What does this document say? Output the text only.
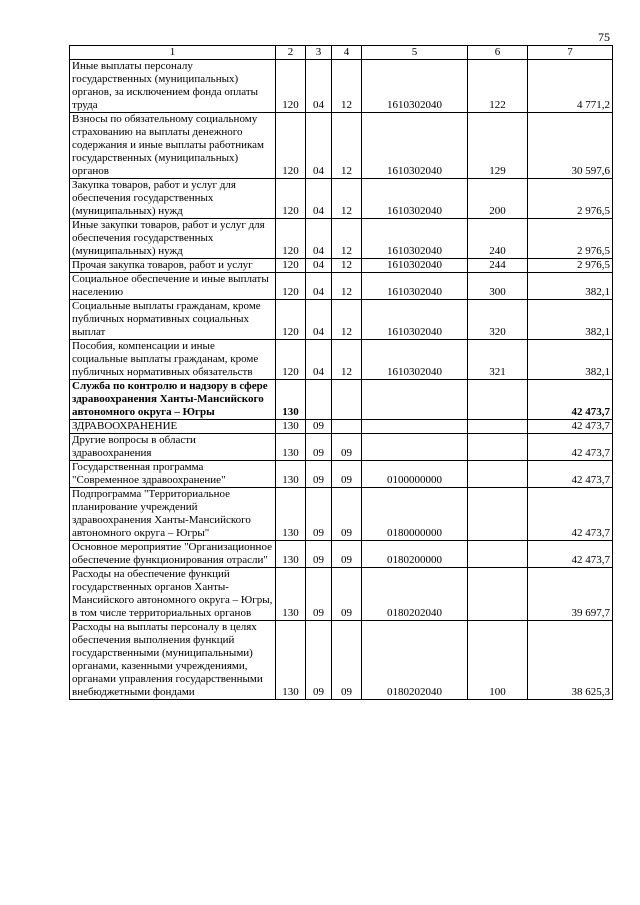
75
1	2	3	4	5	6	7
Иные выплаты персоналу государственных (муниципальных) органов, за исключением фонда оплаты труда	120	04	12	1610302040	122	4 771,2
Взносы по обязательному социальному страхованию на выплаты денежного содержания и иные выплаты работникам государственных (муниципальных) органов	120	04	12	1610302040	129	30 597,6
Закупка товаров, работ и услуг для обеспечения государственных (муниципальных) нужд	120	04	12	1610302040	200	2 976,5
Иные закупки товаров, работ и услуг для обеспечения государственных (муниципальных) нужд	120	04	12	1610302040	240	2 976,5
Прочая закупка товаров, работ и услуг	120	04	12	1610302040	244	2 976,5
Социальное обеспечение и иные выплаты населению	120	04	12	1610302040	300	382,1
Социальные выплаты гражданам, кроме публичных нормативных социальных выплат	120	04	12	1610302040	320	382,1
Пособия, компенсации и иные социальные выплаты гражданам, кроме публичных нормативных обязательств	120	04	12	1610302040	321	382,1
Служба по контролю и надзору в сфере здравоохранения Ханты-Мансийского автономного округа – Югры	130					42 473,7
ЗДРАВООХРАНЕНИЕ	130	09				42 473,7
Другие вопросы в области здравоохранения	130	09	09			42 473,7
Государственная программа "Современное здравоохранение"	130	09	09	0100000000		42 473,7
Подпрограмма "Территориальное планирование учреждений здравоохранения Ханты-Мансийского автономного округа – Югры"	130	09	09	0180000000		42 473,7
Основное мероприятие "Организационное обеспечение функционирования отрасли"	130	09	09	0180200000		42 473,7
Расходы на обеспечение функций государственных органов Ханты-Мансийского автономного округа – Югры, в том числе территориальных органов	130	09	09	0180202040		39 697,7
Расходы на выплаты персоналу в целях обеспечения выполнения функций государственными (муниципальными) органами, казенными учреждениями, органами управления государственными внебюджетными фондами	130	09	09	0180202040	100	38 625,3
